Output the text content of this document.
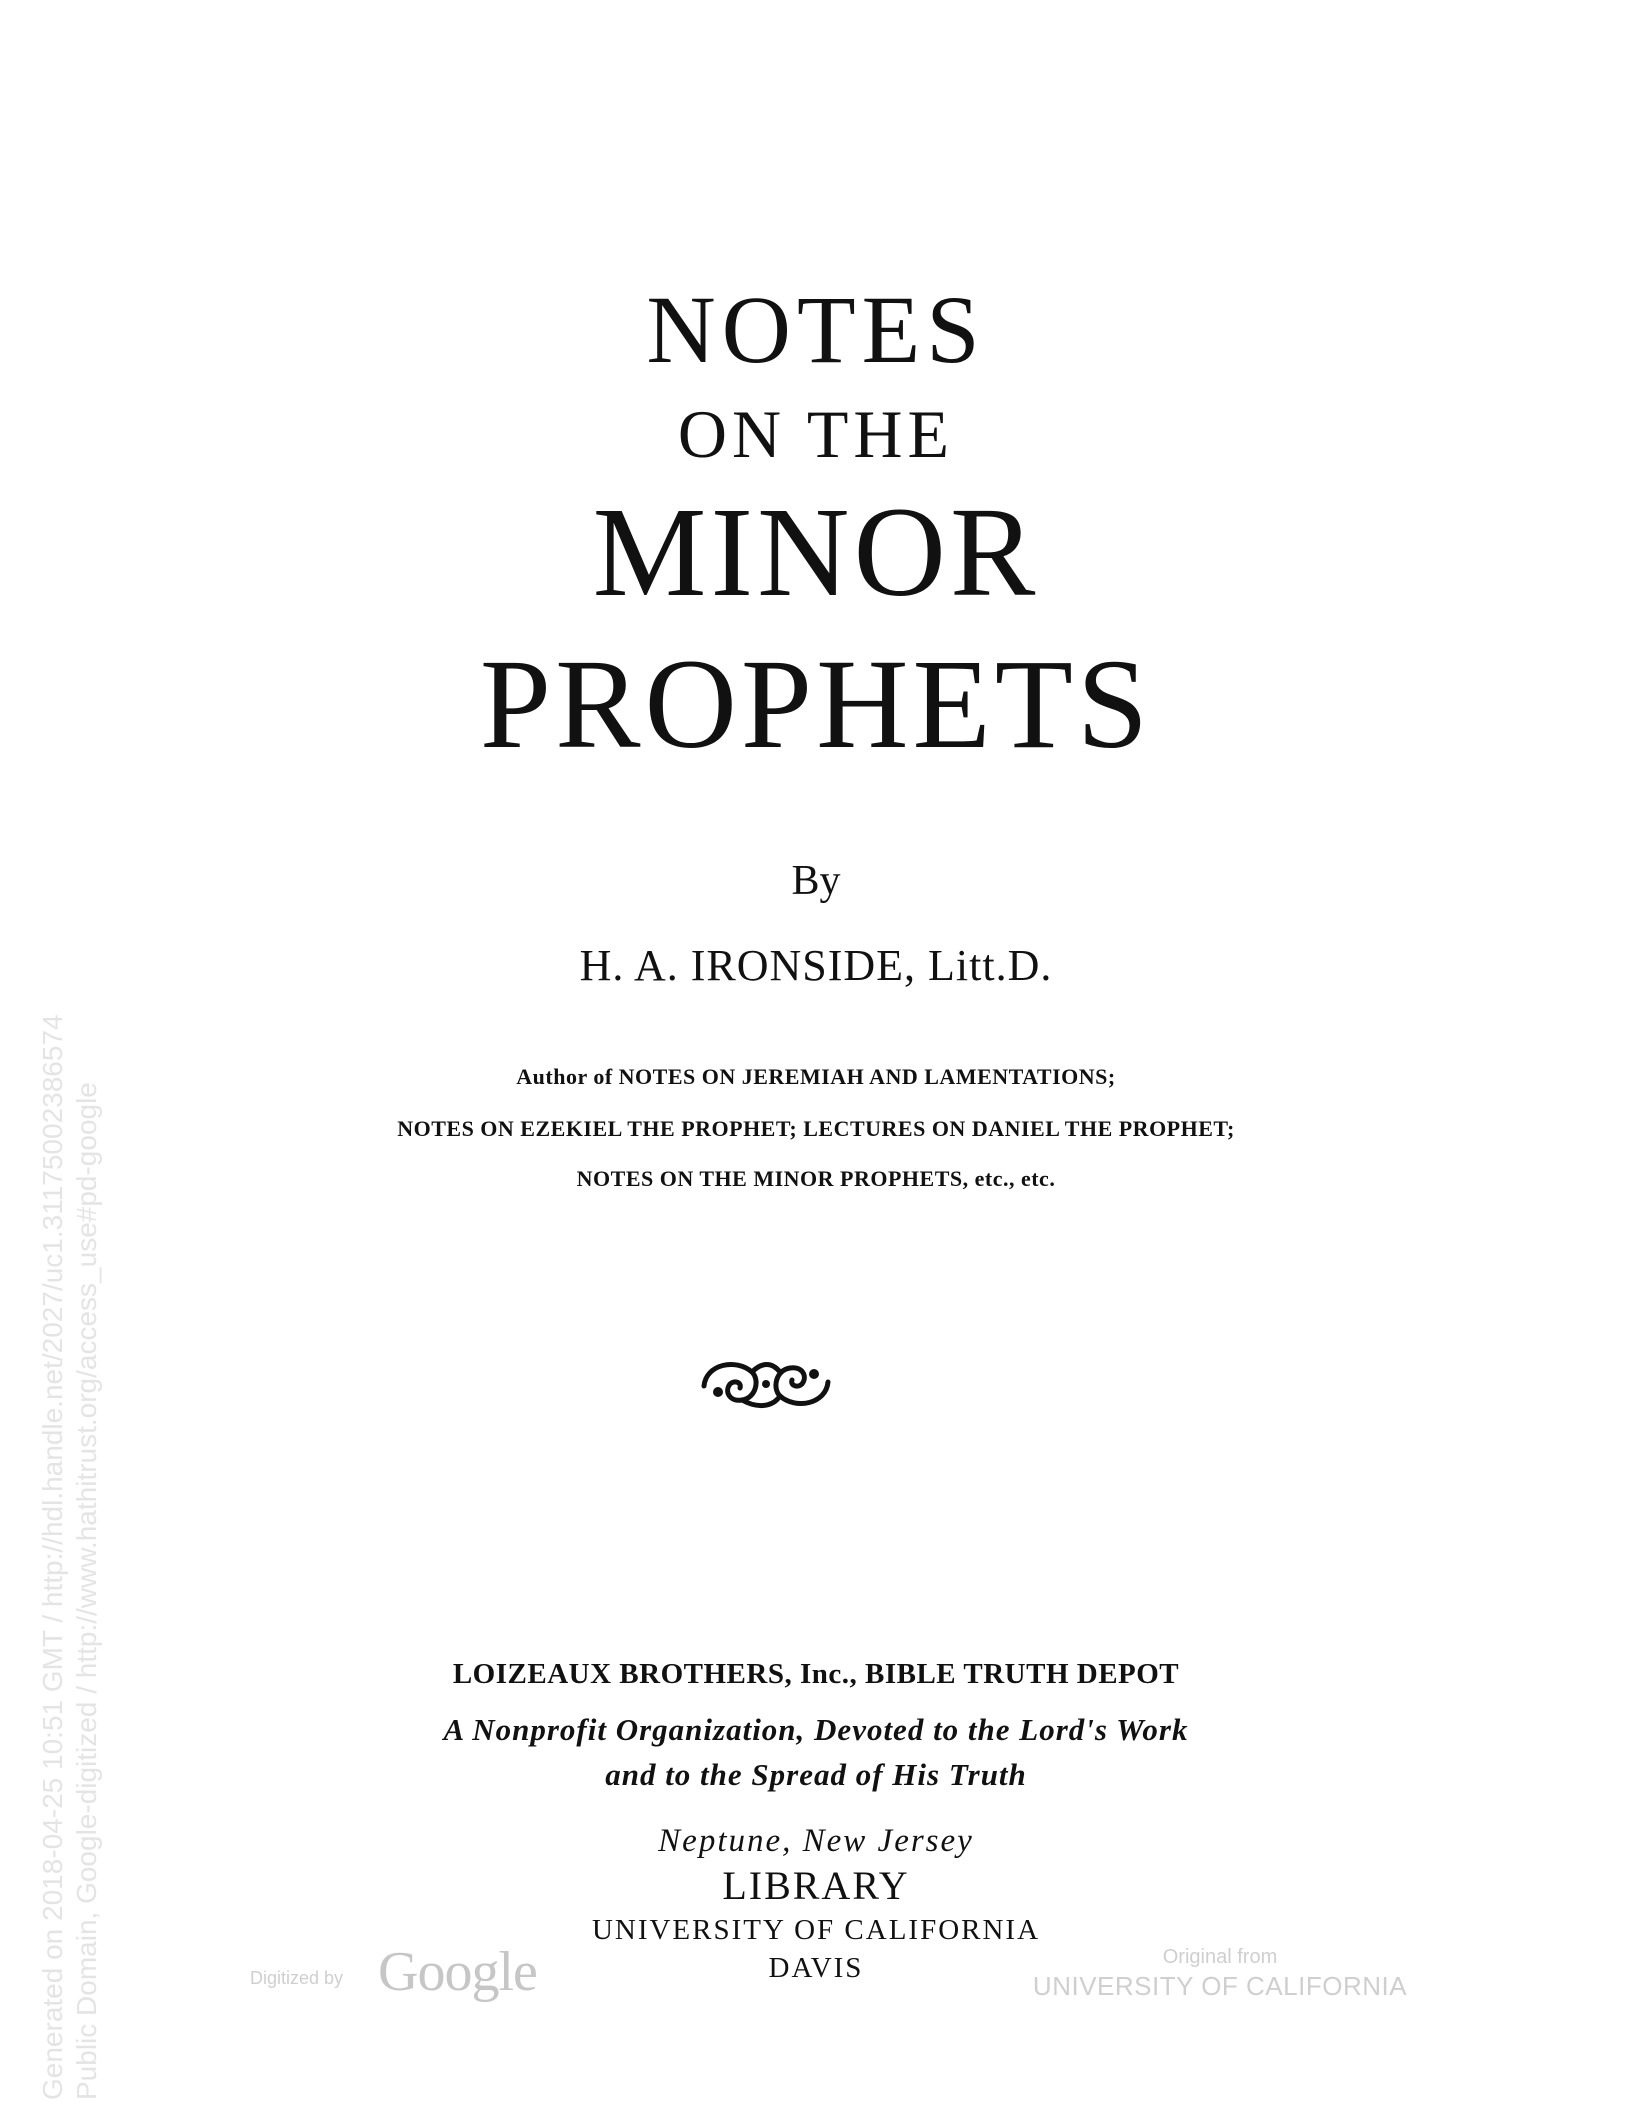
NOTES
ON THE
MINOR
PROPHETS
By
H. A. IRONSIDE, Litt.D.
Author of NOTES ON JEREMIAH AND LAMENTATIONS;
NOTES ON EZEKIEL THE PROPHET; LECTURES ON DANIEL THE PROPHET;
NOTES ON THE MINOR PROPHETS, etc., etc.
LOIZEAUX BROTHERS, Inc., BIBLE TRUTH DEPOT
A Nonprofit Organization, Devoted to the Lord's Work
and to the Spread of His Truth
Neptune, New Jersey
LIBRARY
UNIVERSITY OF CALIFORNIA
DAVIS
Generated on 2018-04-25 10:51 GMT / http://hdl.handle.net/2027/uc1.31175002386574 Public Domain, Google-digitized / http://www.hathitrust.org/access_use#pd-google	Digitized by Google	Original from
UNIVERSITY OF CALIFORNIA
